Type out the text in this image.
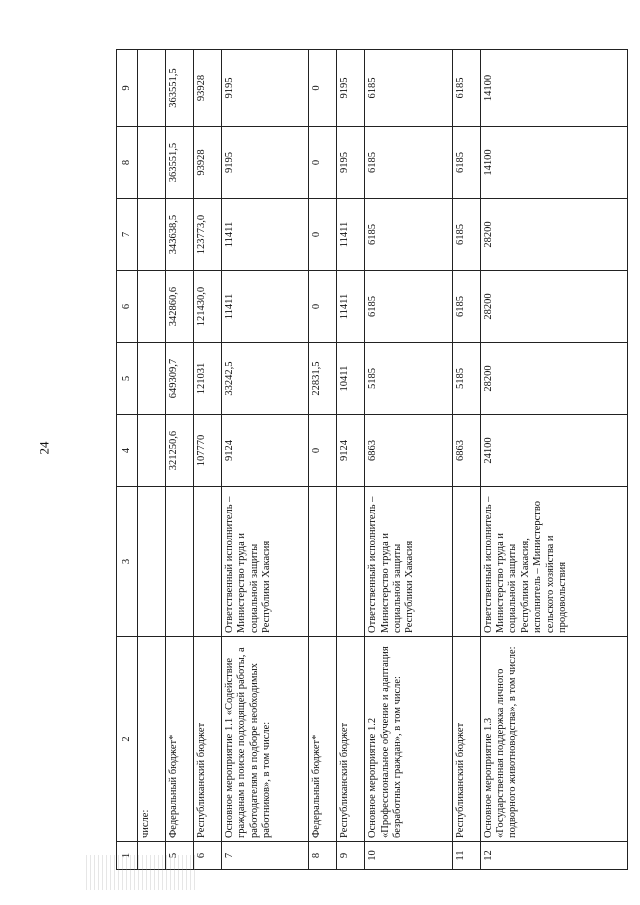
24
1	2	3	4	5	6	7	8	9
	числе:							
5	Федеральный бюджет*		321250,6	649309,7	342860,6	343638,5	363551,5	363551,5
6	Республиканский бюджет		107770	121031	121430,0	123773,0	93928	93928
7	Основное мероприятие 1.1 «Содействие гражданам в поиске подходящей работы, а работодателям в подборе необходимых работников», в том числе:	Ответственный исполнитель – Министерство труда и социальной защиты Республики Хакасия	9124	33242,5	11411	11411	9195	9195
8	Федеральный бюджет*		0	22831,5	0	0	0	0
9	Республиканский бюджет		9124	10411	11411	11411	9195	9195
10	Основное мероприятие 1.2 «Профессиональное обучение и адаптация безработных граждан», в том числе:	Ответственный исполнитель – Министерство труда и социальной защиты Республики Хакасия	6863	5185	6185	6185	6185	6185
11	Республиканский бюджет		6863	5185	6185	6185	6185	6185
12	Основное мероприятие 1.3 «Государственная поддержка личного подворного животноводства», в том числе:	Ответственный исполнитель – Министерство труда и социальной защиты Республики Хакасия, исполнитель – Министерство сельского хозяйства и продовольствия	24100	28200	28200	28200	14100	14100
